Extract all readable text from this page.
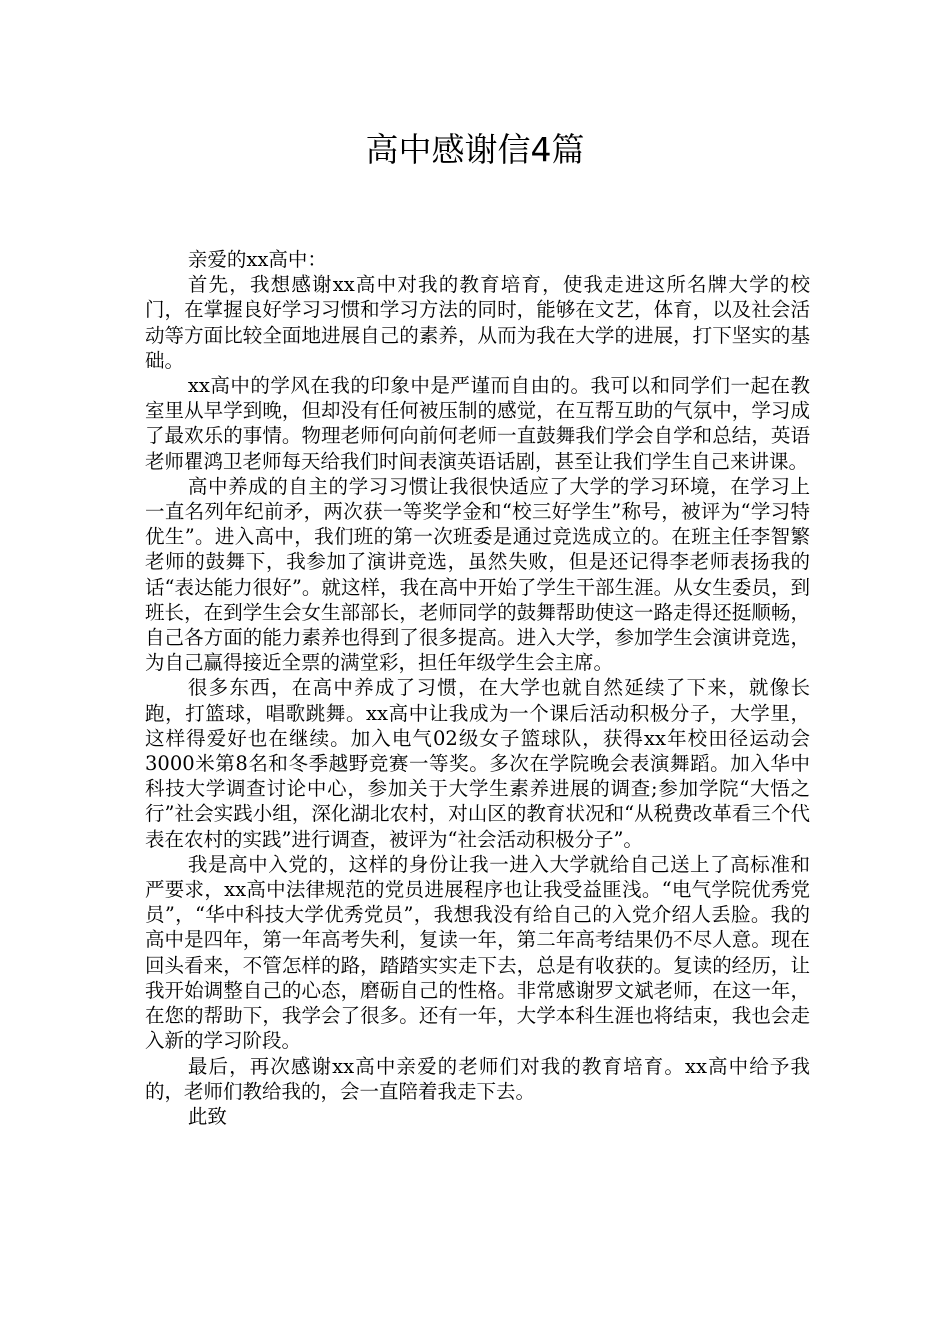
高中感谢信4篇

亲爱的xx高中：

首先，我想感谢xx高中对我的教育培育，使我走进这所名牌大学的校门，在掌握良好学习习惯和学习方法的同时，能够在文艺，体育，以及社会活动等方面比较全面地进展自己的素养，从而为我在大学的进展，打下坚实的基础。

xx高中的学风在我的印象中是严谨而自由的。我可以和同学们一起在教室里从早学到晚，但却没有任何被压制的感觉，在互帮互助的气氛中，学习成了最欢乐的事情。物理老师何向前何老师一直鼓舞我们学会自学和总结，英语老师瞿鸿卫老师每天给我们时间表演英语话剧，甚至让我们学生自己来讲课。

高中养成的自主的学习习惯让我很快适应了大学的学习环境，在学习上一直名列年纪前矛，两次获一等奖学金和“校三好学生”称号，被评为“学习特优生”。进入高中，我们班的第一次班委是通过竞选成立的。在班主任李智繁老师的鼓舞下，我参加了演讲竞选，虽然失败，但是还记得李老师表扬我的话“表达能力很好”。就这样，我在高中开始了学生干部生涯。从女生委员，到班长，在到学生会女生部部长，老师同学的鼓舞帮助使这一路走得还挺顺畅，自己各方面的能力素养也得到了很多提高。进入大学，参加学生会演讲竞选，为自己赢得接近全票的满堂彩，担任年级学生会主席。

很多东西，在高中养成了习惯，在大学也就自然延续了下来，就像长跑，打篮球，唱歌跳舞。xx高中让我成为一个课后活动积极分子，大学里，这样得爱好也在继续。加入电气02级女子篮球队，获得xx年校田径运动会3000米第8名和冬季越野竞赛一等奖。多次在学院晚会表演舞蹈。加入华中科技大学调查讨论中心，参加关于大学生素养进展的调查;参加学院“大悟之行”社会实践小组，深化湖北农村，对山区的教育状况和“从税费改革看三个代表在农村的实践”进行调查，被评为“社会活动积极分子”。

我是高中入党的，这样的身份让我一进入大学就给自己送上了高标准和严要求，xx高中法律规范的党员进展程序也让我受益匪浅。“电气学院优秀党员”，“华中科技大学优秀党员”，我想我没有给自己的入党介绍人丢脸。我的高中是四年，第一年高考失利，复读一年，第二年高考结果仍不尽人意。现在回头看来，不管怎样的路，踏踏实实走下去，总是有收获的。复读的经历，让我开始调整自己的心态，磨砺自己的性格。非常感谢罗文斌老师，在这一年，在您的帮助下，我学会了很多。还有一年，大学本科生涯也将结束，我也会走入新的学习阶段。

最后，再次感谢xx高中亲爱的老师们对我的教育培育。xx高中给予我的，老师们教给我的，会一直陪着我走下去。

此致
